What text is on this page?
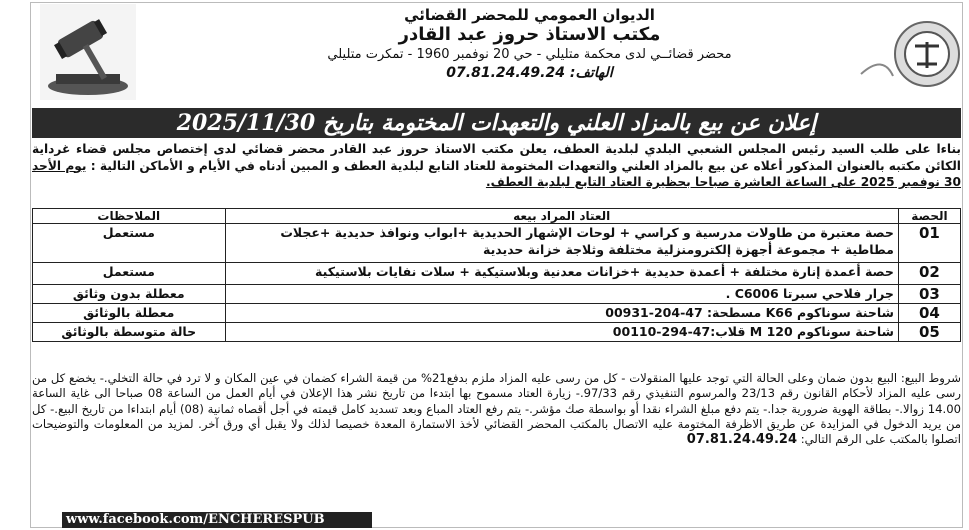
الديوان العمومي للمحضر القضائي
مكتب الاستاذ حروز عبد القادر
محضر قضائــي لدى محكمة متليلي - حي 20 نوفمبر 1960 - تمكرت متليلي
الهاتف: 07.81.24.49.24
إعلان عن بيع بالمزاد العلني والتعهدات المختومة بتاريخ 2025/11/30
بناءا على طلب السيد رئيس المجلس الشعبي البلدي لبلدية العطف، يعلن مكتب الاستاذ حروز عبد القادر محضر قضائي لدى إختصاص مجلس قضاء غرداية الكائن مكتبه بالعنوان المذكور أعلاه عن بيع بالمزاد العلني والتعهدات المختومة للعتاد التابع لبلدية العطف و المبين أدناه في الأيام و الأماكن التالية : يوم الأحد 30 نوفمبر 2025 على الساعة العاشرة صباحا بحظيرة العتاد التابع لبلدية العطف.
الحصة	العتاد المراد بيعه	الملاحظات
01	حصة معتبرة من طاولات مدرسية و كراسي + لوحات الإشهار الحديدية +ابواب ونوافذ حديدية +عجلات مطاطية + مجموعة أجهزة إلكترومنزلية مختلفة وثلاجة خزانة حديدية	مستعمل
02	حصة أعمدة إنارة مختلفة + أعمدة حديدية +خزانات معدنية وبلاستيكية + سلات نفايات بلاستيكية	مستعمل
03	جرار فلاحي سبرتا C6006 .	معطلة بدون وثائق
04	شاحنة سوناكوم K66 مسطحة: 47-204-00931	معطلة بالوثائق
05	شاحنة سوناكوم 120 M قلاب:47-294-00110	حالة متوسطة بالوثائق
شروط البيع: البيع بدون ضمان وعلى الحالة التي توجد عليها المنقولات - كل من رسى عليه المزاد ملزم بدفع21% من قيمة الشراء كضمان في عين المكان و لا ترد في حالة التخلي.- يخضع كل من رسى عليه المزاد لأحكام القانون رقم 23/13 والمرسوم التنفيذي رقم 97/33.- زيارة العتاد مسموح بها ابتدءا من تاريخ نشر هذا الإعلان في أيام العمل من الساعة 08 صباحا الى غاية الساعة 14.00 زوالا.- بطاقة الهوية ضرورية جدا.- يتم دفع مبلغ الشراء نقدا أو بواسطة صك مؤشر.- يتم رفع العتاد المباع وبعد تسديد كامل قيمته في أجل أقصاه ثمانية (08) أيام ابتداءا من تاريخ البيع.- كل من يريد الدخول في المزايدة عن طريق الاظرفة المختومة عليه الاتصال بالمكتب المحضر القضائي لأخذ الاستمارة المعدة خصيصا لذلك ولا يقبل أي ورق آخر. لمزيد من المعلومات والتوضيحات اتصلوا بالمكتب على الرقم التالي: 07.81.24.49.24
www.facebook.com/ENCHERESPUB
